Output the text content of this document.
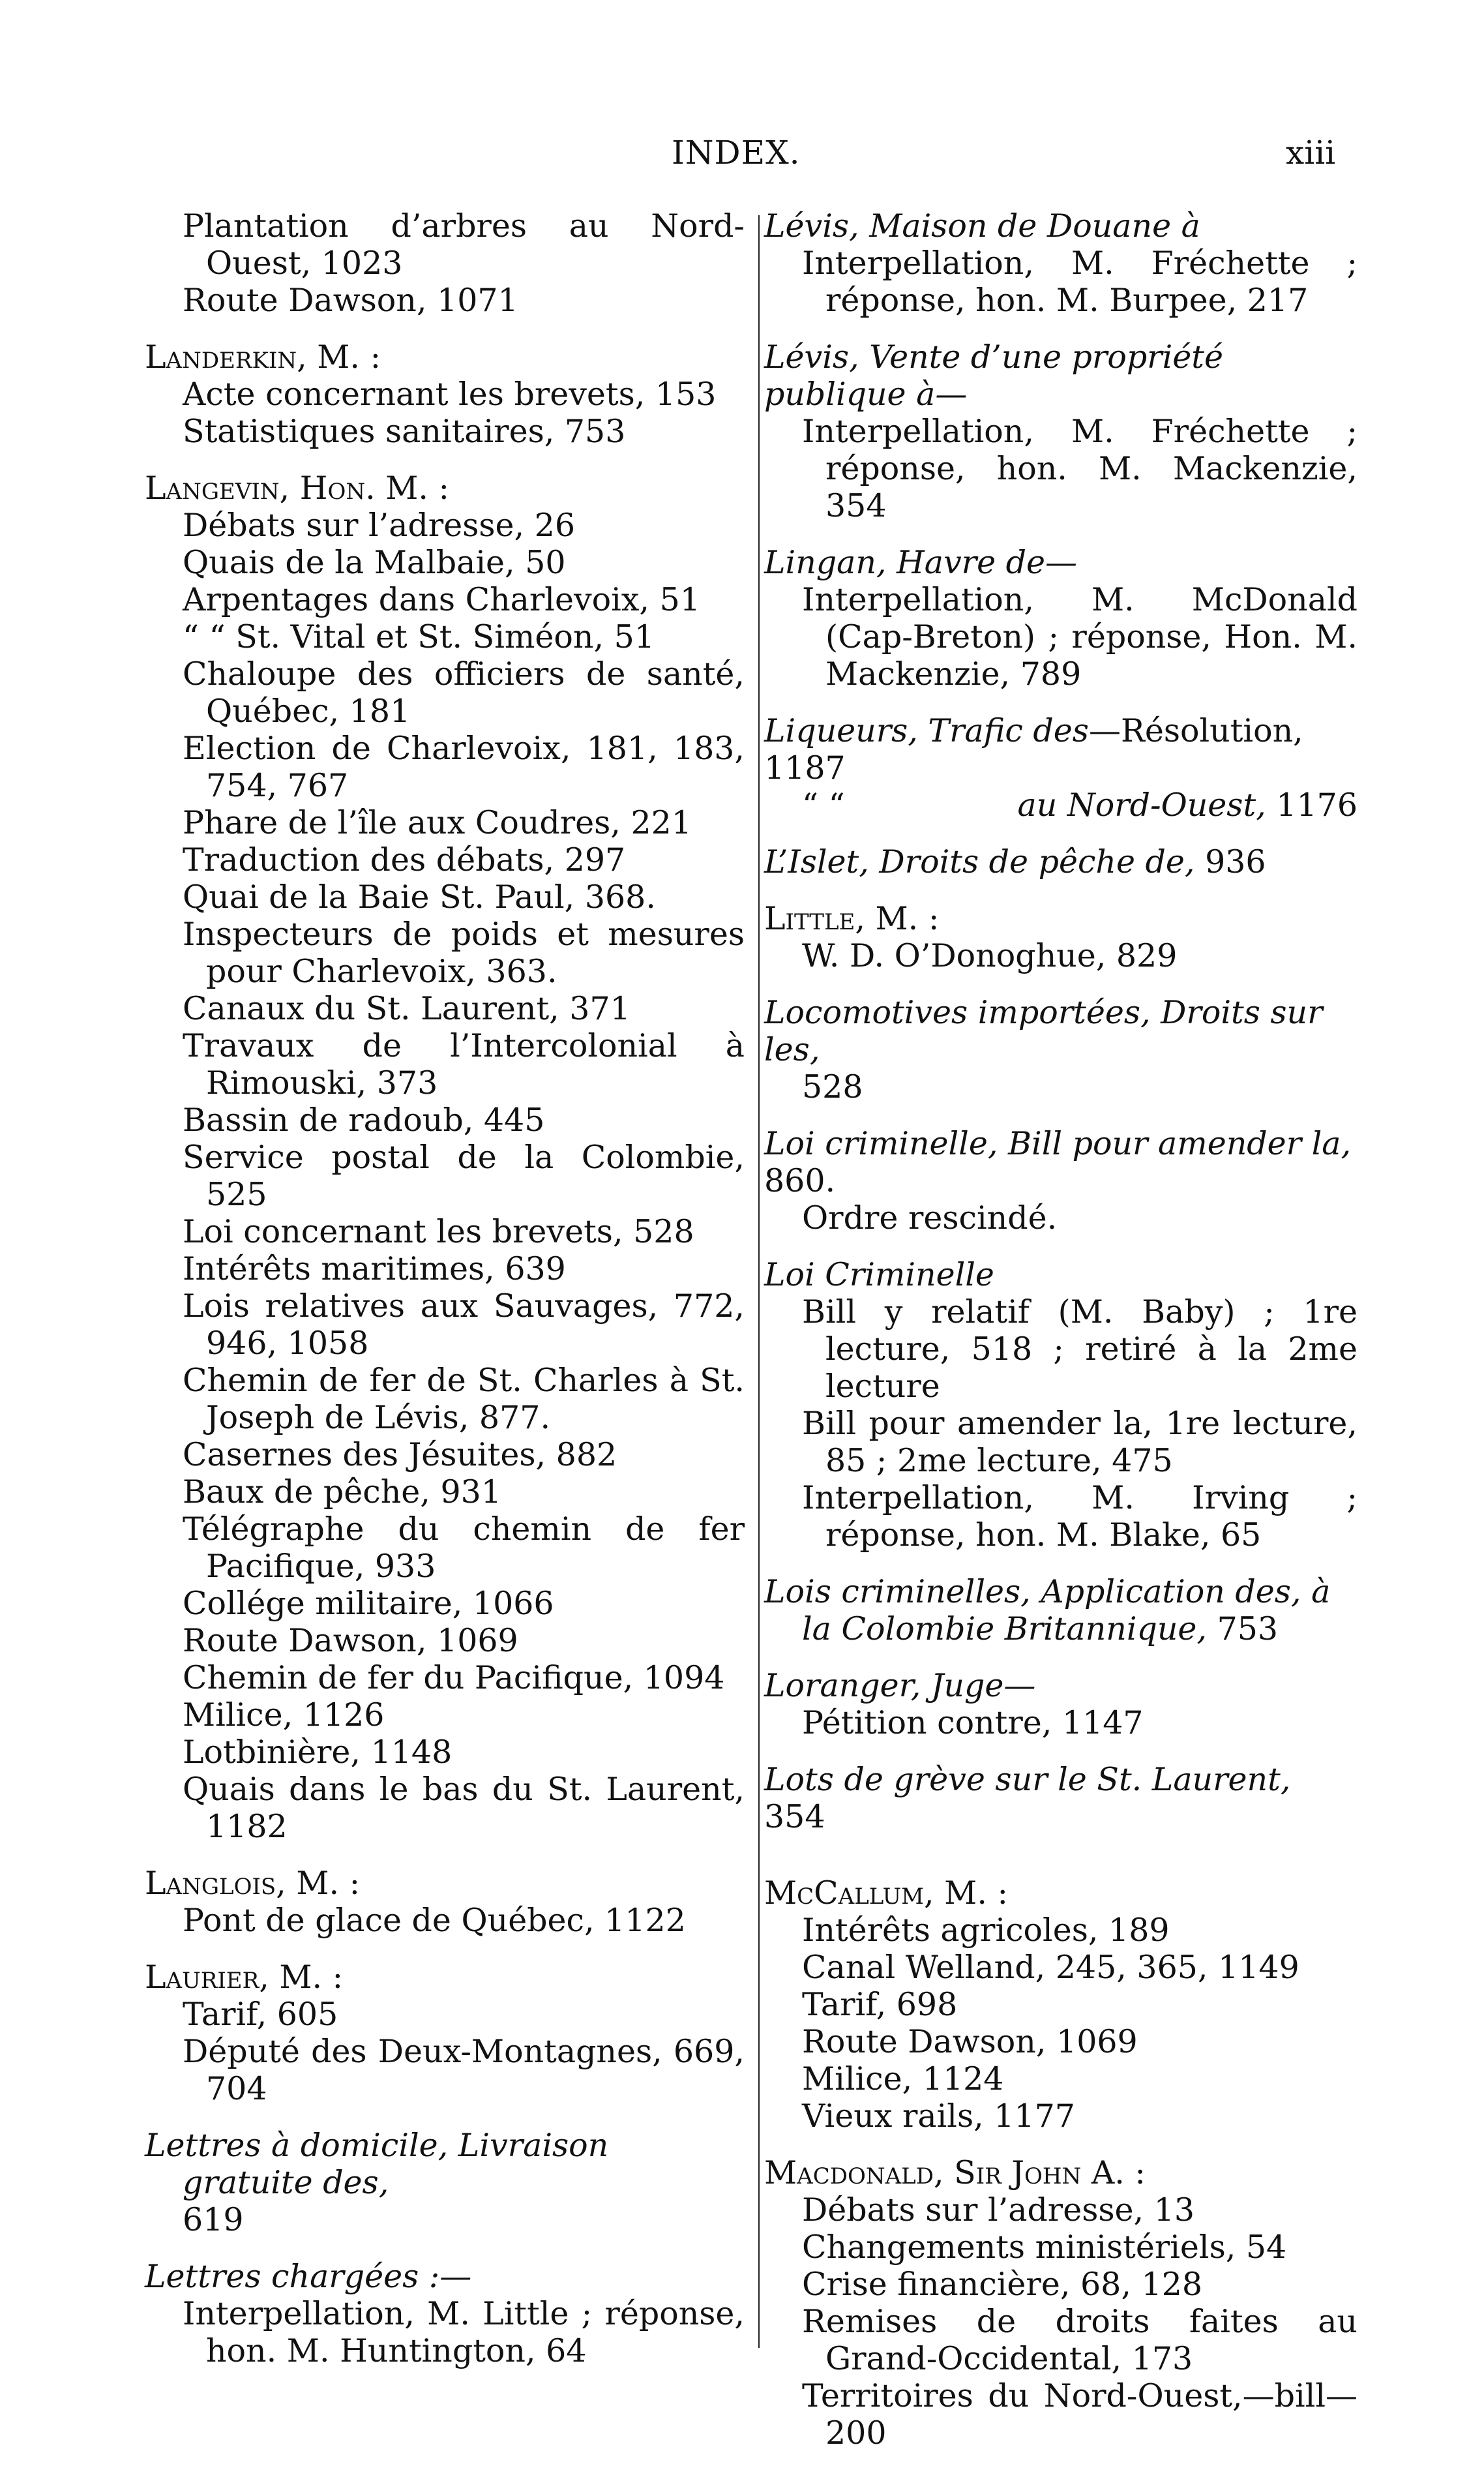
INDEX.	xiii
Plantation d’arbres au Nord-Ouest, 1023
Route Dawson, 1071
Landerkin, M. :
Acte concernant les brevets, 153
Statistiques sanitaires, 753
Langevin, Hon. M. :
Débats sur l’adresse, 26
Quais de la Malbaie, 50
Arpentages dans Charlevoix, 51
“ “ St. Vital et St. Siméon, 51
Chaloupe des officiers de santé, Québec, 181
Election de Charlevoix, 181, 183, 754, 767
Phare de l’île aux Coudres, 221
Traduction des débats, 297
Quai de la Baie St. Paul, 368.
Inspecteurs de poids et mesures pour Charlevoix, 363.
Canaux du St. Laurent, 371
Travaux de l’Intercolonial à Rimouski, 373
Bassin de radoub, 445
Service postal de la Colombie, 525
Loi concernant les brevets, 528
Intérêts maritimes, 639
Lois relatives aux Sauvages, 772, 946, 1058
Chemin de fer de St. Charles à St. Joseph de Lévis, 877.
Casernes des Jésuites, 882
Baux de pêche, 931
Télégraphe du chemin de fer Pacifique, 933
Collége militaire, 1066
Route Dawson, 1069
Chemin de fer du Pacifique, 1094
Milice, 1126
Lotbinière, 1148
Quais dans le bas du St. Laurent, 1182
Langlois, M. :
Pont de glace de Québec, 1122
Laurier, M. :
Tarif, 605
Député des Deux-Montagnes, 669, 704
Lettres à domicile, Livraison gratuite des,
619
Lettres chargées :—
Interpellation, M. Little ; réponse, hon. M. Huntington, 64
Lévis, Maison de Douane à
Interpellation, M. Fréchette ; réponse, hon. M. Burpee, 217
Lévis, Vente d’une propriété publique à—
Interpellation, M. Fréchette ; réponse, hon. M. Mackenzie, 354
Lingan, Havre de—
Interpellation, M. McDonald (Cap-Breton) ; réponse, Hon. M. Mackenzie, 789
Liqueurs, Trafic des—Résolution, 1187
“ “	au Nord-Ouest, 1176
L’Islet, Droits de pêche de, 936
Little, M. :
W. D. O’Donoghue, 829
Locomotives importées, Droits sur les,
528
Loi criminelle, Bill pour amender la, 860.
Ordre rescindé.
Loi Criminelle
Bill y relatif (M. Baby) ; 1re lecture, 518 ; retiré à la 2me lecture
Bill pour amender la, 1re lecture, 85 ; 2me lecture, 475
Interpellation, M. Irving ; réponse, hon. M. Blake, 65
Lois criminelles, Application des, à la Colombie Britannique, 753
Loranger, Juge—
Pétition contre, 1147
Lots de grève sur le St. Laurent, 354
McCallum, M. :
Intérêts agricoles, 189
Canal Welland, 245, 365, 1149
Tarif, 698
Route Dawson, 1069
Milice, 1124
Vieux rails, 1177
Macdonald, Sir John A. :
Débats sur l’adresse, 13
Changements ministériels, 54
Crise financière, 68, 128
Remises de droits faites au Grand-Occidental, 173
Territoires du Nord-Ouest,—bill— 200
